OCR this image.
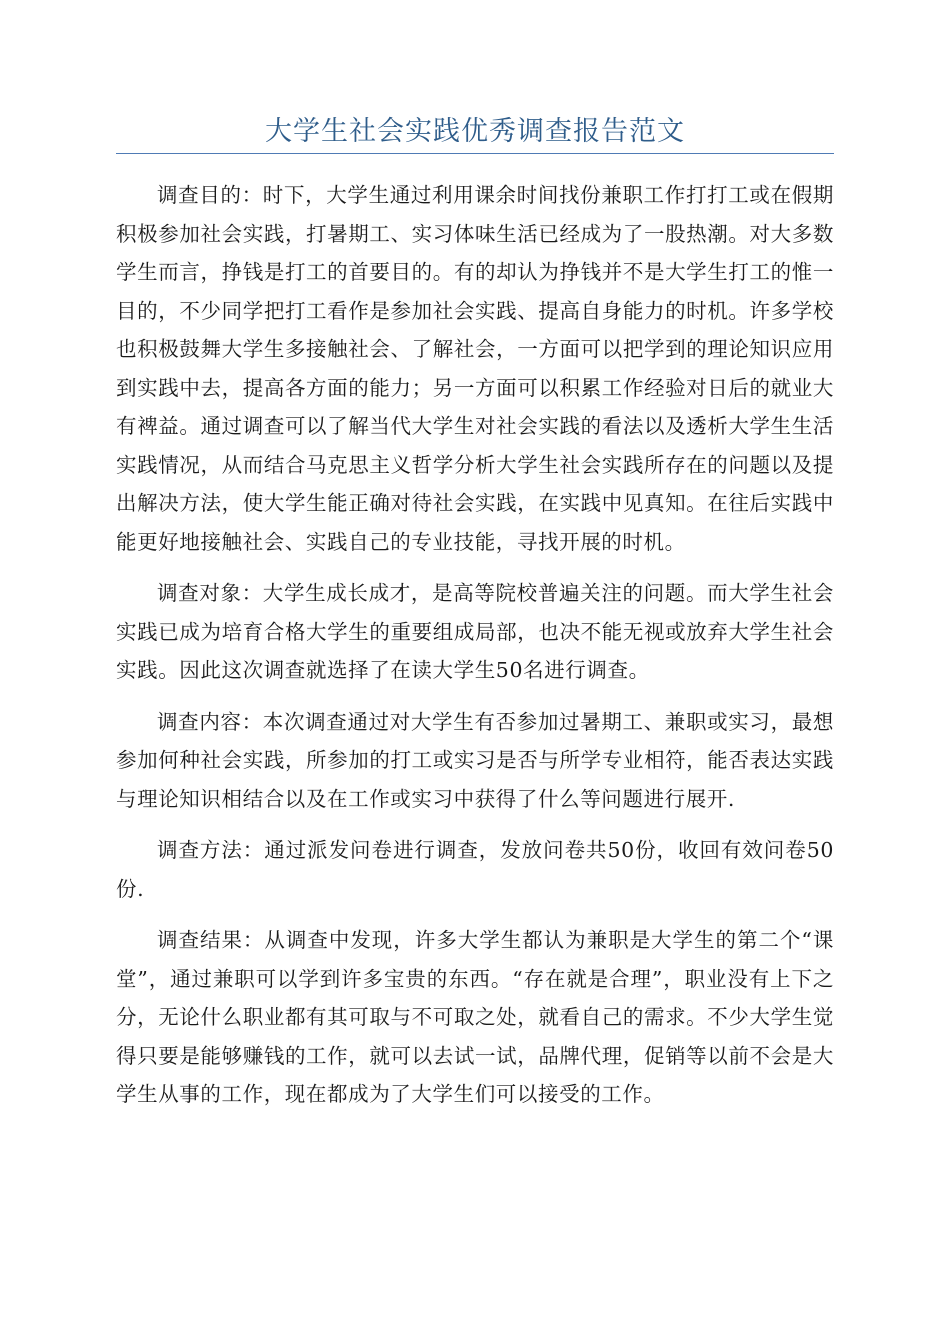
大学生社会实践优秀调查报告范文

调查目的：时下，大学生通过利用课余时间找份兼职工作打打工或在假期积极参加社会实践，打暑期工、实习体味生活已经成为了一股热潮。对大多数学生而言，挣钱是打工的首要目的。有的却认为挣钱并不是大学生打工的惟一目的，不少同学把打工看作是参加社会实践、提高自身能力的时机。许多学校也积极鼓舞大学生多接触社会、了解社会，一方面可以把学到的理论知识应用到实践中去，提高各方面的能力；另一方面可以积累工作经验对日后的就业大有裨益。通过调查可以了解当代大学生对社会实践的看法以及透析大学生生活实践情况，从而结合马克思主义哲学分析大学生社会实践所存在的问题以及提出解决方法，使大学生能正确对待社会实践，在实践中见真知。在往后实践中能更好地接触社会、实践自己的专业技能，寻找开展的时机。

调查对象：大学生成长成才，是高等院校普遍关注的问题。而大学生社会实践已成为培育合格大学生的重要组成局部，也决不能无视或放弃大学生社会实践。因此这次调查就选择了在读大学生50名进行调查。

调查内容：本次调查通过对大学生有否参加过暑期工、兼职或实习，最想参加何种社会实践，所参加的打工或实习是否与所学专业相符，能否表达实践与理论知识相结合以及在工作或实习中获得了什么等问题进行展开.

调查方法：通过派发问卷进行调查，发放问卷共50份，收回有效问卷50份.

调查结果：从调查中发现，许多大学生都认为兼职是大学生的第二个“课堂”，通过兼职可以学到许多宝贵的东西。“存在就是合理”，职业没有上下之分，无论什么职业都有其可取与不可取之处，就看自己的需求。不少大学生觉得只要是能够赚钱的工作，就可以去试一试，品牌代理，促销等以前不会是大学生从事的工作，现在都成为了大学生们可以接受的工作。
